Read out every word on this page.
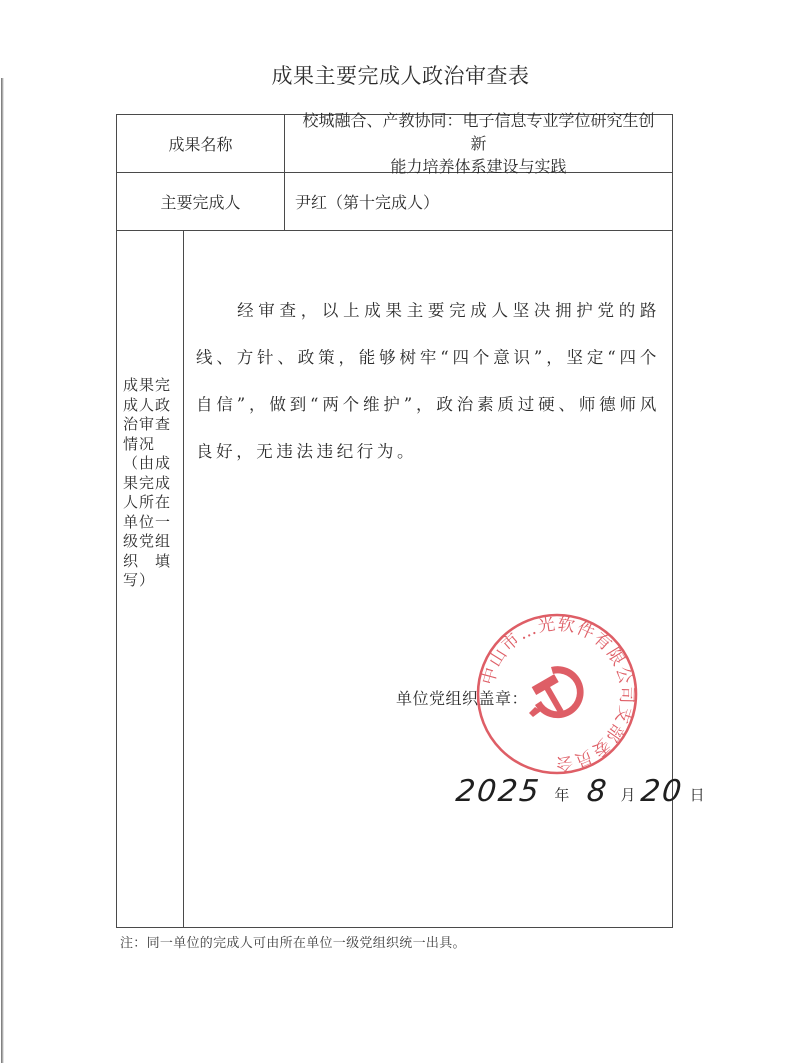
成果主要完成人政治审查表
成果名称
校城融合、产教协同：电子信息专业学位研究生创新
能力培养体系建设与实践
主要完成人	尹红（第十完成人）
成果完
成人政
治审查
情况
（由成
果完成
人所在
单位一
级党组
织　填
写）
经审查，以上成果主要完成人坚决拥护党的路线、方针、政策，能够树牢“四个意识”，坚定“四个自信”，做到“两个维护”，政治素质过硬、师德师风良好，无违法违纪行为。
单位党组织盖章：
中山市…光软件有限公司支部委员会
2025 年 8 月 20 日
注：同一单位的完成人可由所在单位一级党组织统一出具。
